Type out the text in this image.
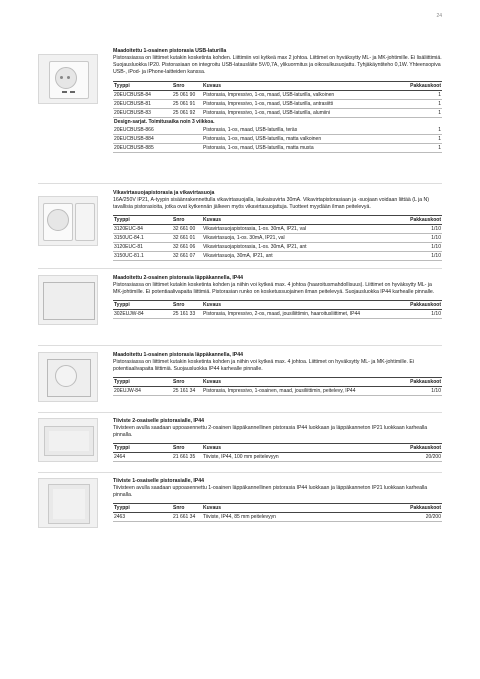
24
Maadoitettu 1-osainen pistorasia USB-laturilla
Pistorasiassa on liittimet kutakin kosketinta kohden. Liittimiin voi kytkeä max 2 johtoa. Liittimet on hyväksytty ML- ja MK-johtimille. Ei lisäliittimiä. Suojausluokka IP20. Pistorasiaan on integroitu USB-latausläite 5V/0,7A, ylikuormitus ja oikosulkusuojattu. Tyhjäkäyntiteho 0,1W. Yhteensopiva USB-, iPod- ja iPhone-laitteiden kanssa.
Tyyppi	Snro	Kuvaus	Pakkauskoot
20EUCBUSB-84	25 061 90	Pistorasia, Impressivo, 1-os, maad, USB-laturilla, valkoinen	1
20EUCBUSB-81	25 061 91	Pistorasia, Impressivo, 1-os, maad, USB-laturilla, antrasiitti	1
20EUCBUSB-83	25 061 92	Pistorasia, Impressivo, 1-os, maad, USB-laturilla, alumiini	1
Design-sarjat. Toimitusaika noin 3 viikkoa.			
20EUCBUSB-866		Pistorasia, 1-os, maad, USB-laturilla, teräs	1
20EUCBUSB-884		Pistorasia, 1-os, maad, USB-laturilla, matta valkoinen	1
20EUCBUSB-885		Pistorasia, 1-os, maad, USB-laturilla, matta musta	1
Vikavirtasuojapistorasia ja vikavirtasuoja
16A/250V IP21, A-tyypin sisäänrakennettulla vikavirtasuojalla, laukaisuvirta 30mA. Vikavirtapistorasiaan ja -suojaan voidaan liittää (L ja N) tavallisia pistorasioita, jotka ovat kytkennän jälkeen myös vikavirtasuojattuja. Tuotteet myydään ilman peitelevyä.
Tyyppi	Snro	Kuvaus	Pakkauskoot
3120EUC-84	32 661 00	Vikavirtasuojapistorasia, 1-os. 30mA, IP21, val	1/10
3150UC-84.1	32 661 01	Vikavirtasuoja, 1-os. 30mA, IP21, val	1/10
3120EUC-81	32 661 06	Vikavirtasuojapistorasia, 1-os. 30mA, IP21, ant	1/10
3150UC-81.1	32 661 07	Vikavirtasuoja, 30mA, IP21, ant	1/10
Maadoitettu 2-osainen pistorasia läppäkannella, IP44
Pistorasiassa on liittimet kutakin kosketinta kohden ja niihin voi kytkeä max. 4 johtoa (haaroitusmahdollisuus). Liittimet on hyväksytty ML- ja MK-johtimille. Ei potentiaalivapaita liittimiä. Pistorasian runko on kosketussuojainen ilman peitelevyä. Suojausluokka IP44 karhealle pinnalle.
Tyyppi	Snro	Kuvaus	Pakkauskoot
302EUJW-84	25 161 33	Pistorasia, Impressivo, 2-os, maad, jousiliittimin, haaroitusliittimet, IP44	1/10
Maadoitettu 1-osainen pistorasia läppäkannella, IP44
Pistorasiassa on liittimet kutakin kosketinta kohden ja niihin voi kytkeä max. 4 johtoa. Liittimet on hyväksytty ML- ja MK-johtimille. Ei potentiaalivapaita liittimiä. Suojausluokka IP44 karhealle pinnalle.
Tyyppi	Snro	Kuvaus	Pakkauskoot
20EUJW-84	25 161 34	Pistorasia, Impressivo, 1-osainen, maad, jousiliittimin, peitelevy, IP44	1/10
Tiiviste 2-osaiselle pistorasialle, IP44
Tiivisteen avulla saadaan uppoasennettu 2-osainen läppäkannellinen pistorasia IP44 luokkaan ja läppäkanneton IP21 luokkaan karhealla pinnalla.
Tyyppi	Snro	Kuvaus	Pakkauskoot
2464	21 661 35	Tiiviste, IP44, 100 mm peitelevyyn	20/200
Tiiviste 1-osaiselle pistorasialle, IP44
Tiivisteen avulla saadaan uppoasennettu 1-osainen läppäkannellinen pistorasia IP44 luokkaan ja läppäkanneton IP21 luokkaan karhealla pinnalla.
Tyyppi	Snro	Kuvaus	Pakkauskoot
2463	21 661 34	Tiiviste, IP44, 85 mm peitelevyyn	20/200
